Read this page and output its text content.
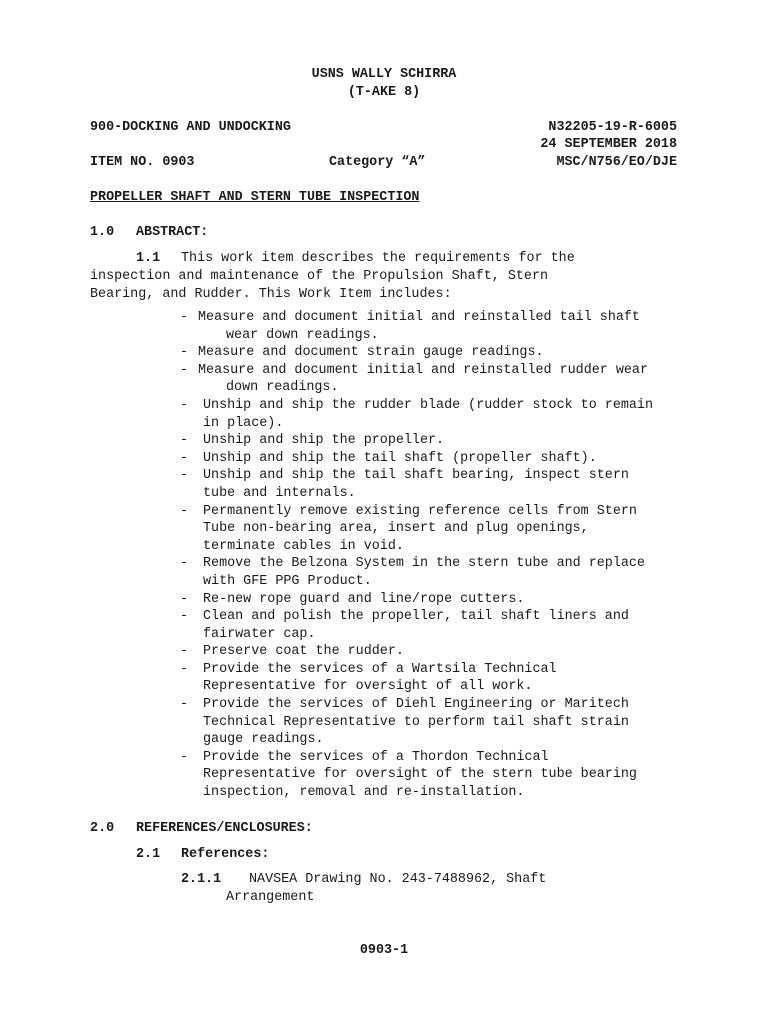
USNS WALLY SCHIRRA
(T-AKE 8)
900-DOCKING AND UNDOCKING	N32205-19-R-6005
24 SEPTEMBER 2018
ITEM NO. 0903	Category “A”	MSC/N756/EO/DJE
PROPELLER SHAFT AND STERN TUBE INSPECTION
1.0 ABSTRACT:
1.1 This work item describes the requirements for the
inspection and maintenance of the Propulsion Shaft, Stern
Bearing, and Rudder. This Work Item includes:
- Measure and document initial and reinstalled tail shaft wear down readings.
- Measure and document strain gauge readings.
- Measure and document initial and reinstalled rudder wear down readings.
-	Unship and ship the rudder blade (rudder stock to remain in place).
-	Unship and ship the propeller.
-	Unship and ship the tail shaft (propeller shaft).
-	Unship and ship the tail shaft bearing, inspect stern tube and internals.
-	Permanently remove existing reference cells from Stern Tube non-bearing area, insert and plug openings, terminate cables in void.
-	Remove the Belzona System in the stern tube and replace with GFE PPG Product.
-	Re-new rope guard and line/rope cutters.
-	Clean and polish the propeller, tail shaft liners and fairwater cap.
-	Preserve coat the rudder.
-	Provide the services of a Wartsila Technical Representative for oversight of all work.
-	Provide the services of Diehl Engineering or Maritech Technical Representative to perform tail shaft strain gauge readings.
-	Provide the services of a Thordon Technical Representative for oversight of the stern tube bearing inspection, removal and re-installation.
2.0 REFERENCES/ENCLOSURES:
2.1 References:
2.1.1 NAVSEA Drawing No. 243-7488962, Shaft
Arrangement
0903-1
